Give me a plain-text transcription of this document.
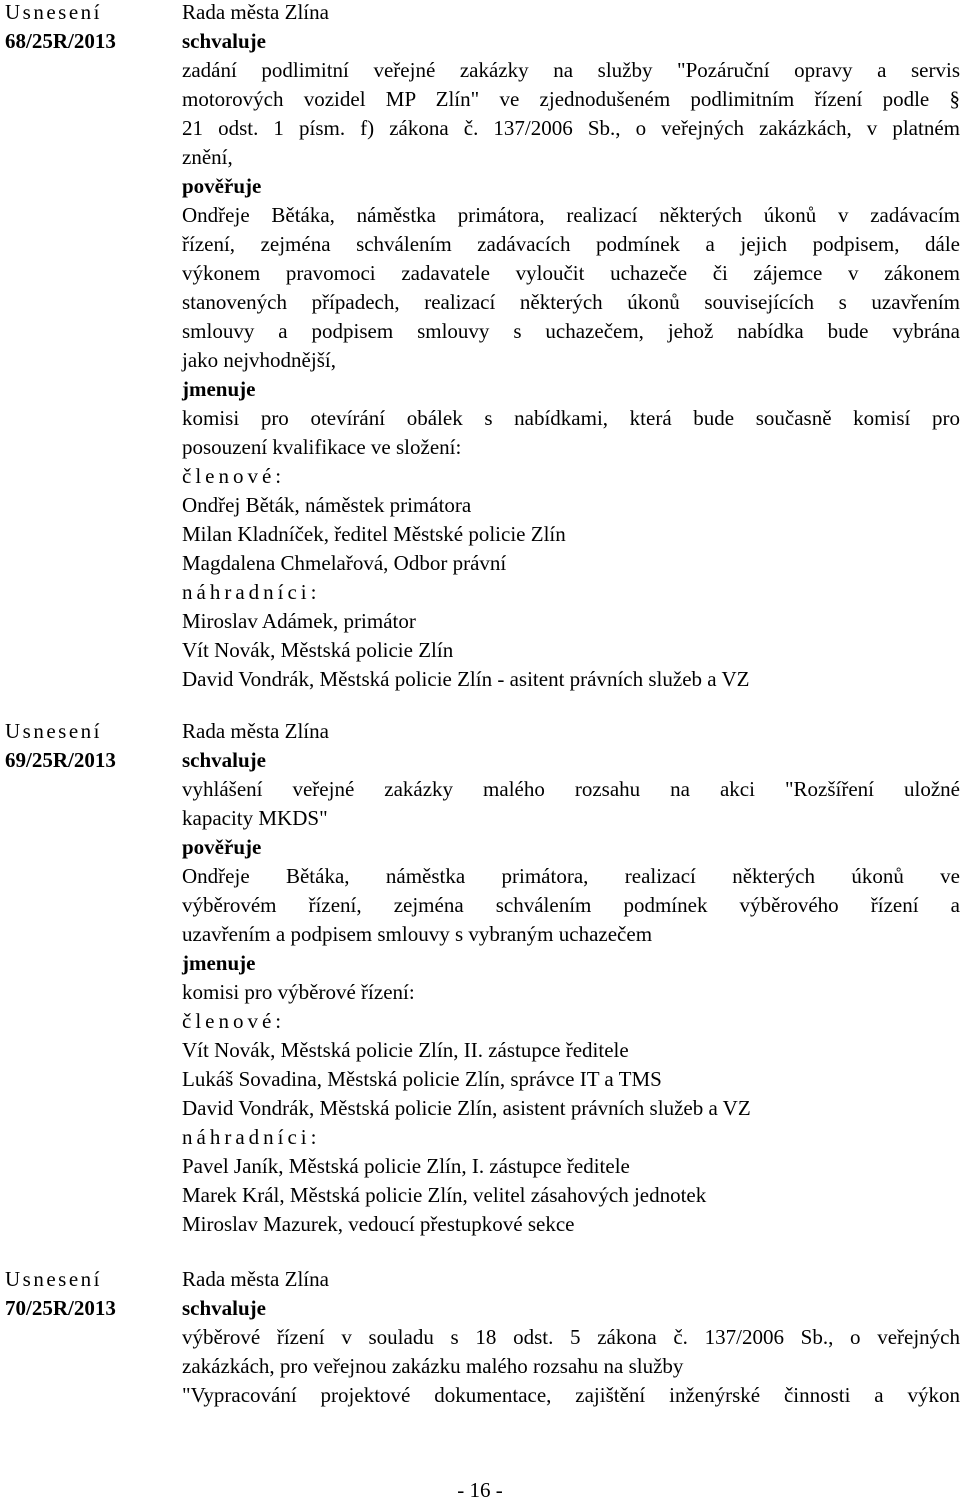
Usnesení
68/25R/2013
Rada města Zlína
schvaluje
zadání podlimitní veřejné zakázky na služby "Pozáruční opravy a servis
motorových vozidel MP Zlín" ve zjednodušeném podlimitním řízení podle §
21 odst. 1 písm. f) zákona č. 137/2006 Sb., o veřejných zakázkách, v platném
znění,
pověřuje
Ondřeje Bětáka, náměstka primátora, realizací některých úkonů v zadávacím
řízení, zejména schválením zadávacích podmínek a jejich podpisem, dále
výkonem pravomoci zadavatele vyloučit uchazeče či zájemce v zákonem
stanovených případech, realizací některých úkonů souvisejících s uzavřením
smlouvy a podpisem smlouvy s uchazečem, jehož nabídka bude vybrána
jako nejvhodnější,
jmenuje
komisi pro otevírání obálek s nabídkami, která bude současně komisí pro
posouzení kvalifikace ve složení:
členové:
Ondřej Běták, náměstek primátora
Milan Kladníček, ředitel Městské policie Zlín
Magdalena Chmelařová, Odbor právní
náhradníci:
Miroslav Adámek, primátor
Vít Novák, Městská policie Zlín
David Vondrák, Městská policie Zlín - asitent právních služeb a VZ
Usnesení
69/25R/2013
Rada města Zlína
schvaluje
vyhlášení veřejné zakázky malého rozsahu na akci "Rozšíření uložné
kapacity MKDS"
pověřuje
Ondřeje Bětáka, náměstka primátora, realizací některých úkonů ve
výběrovém řízení, zejména schválením podmínek výběrového řízení a
uzavřením a podpisem smlouvy s vybraným uchazečem
jmenuje
komisi pro výběrové řízení:
členové:
Vít Novák, Městská policie Zlín, II. zástupce ředitele
Lukáš Sovadina, Městská policie Zlín, správce IT a TMS
David Vondrák, Městská policie Zlín, asistent právních služeb a VZ
náhradníci:
Pavel Janík, Městská policie Zlín, I. zástupce ředitele
Marek Král, Městská policie Zlín, velitel zásahových jednotek
Miroslav Mazurek, vedoucí přestupkové sekce
Usnesení
70/25R/2013
Rada města Zlína
schvaluje
výběrové řízení v souladu s 18 odst. 5 zákona č. 137/2006 Sb., o veřejných
zakázkách, pro veřejnou zakázku malého rozsahu na služby
"Vypracování projektové dokumentace, zajištění inženýrské činnosti a výkon
- 16 -
